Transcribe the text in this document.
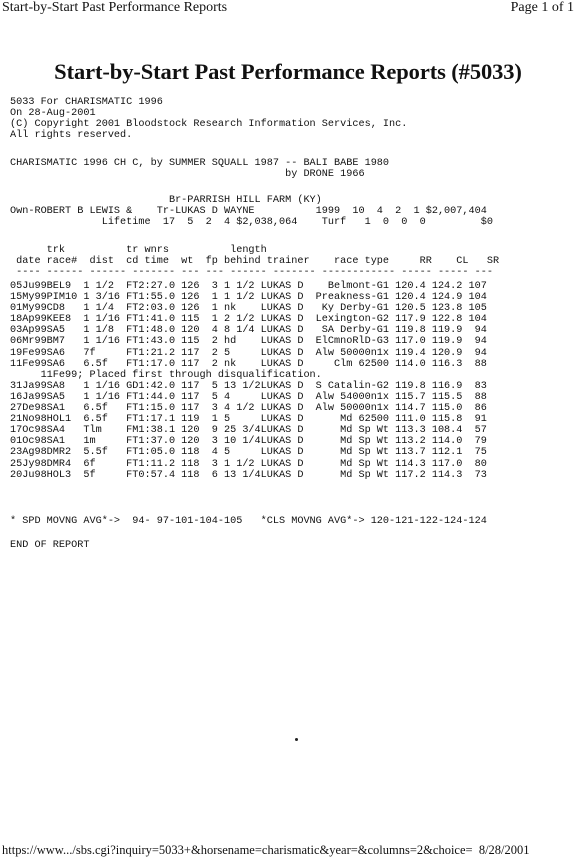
Start-by-Start Past Performance Reports	Page 1 of 1
Start-by-Start Past Performance Reports (#5033)
5033 For CHARISMATIC 1996
On 28-Aug-2001
(C) Copyright 2001 Bloodstock Research Information Services, Inc.
All rights reserved.
CHARISMATIC 1996 CH C, by SUMMER SQUALL 1987 -- BALI BABE 1980
by DRONE 1966
Br-PARRISH HILL FARM (KY)
Own-ROBERT B LEWIS &    Tr-LUKAS D WAYNE          1999  10  4  2  1 $2,007,404
Lifetime  17  5  2  4 $2,038,064    Turf   1  0  0  0         $0
trk          tr wnrs          length
date race#  dist  cd time  wt  fp behind trainer    race type     RR    CL   SR
---- ------ ------ ------- --- --- ------ ------- ------------ ----- ----- ---
05Ju99BEL9  1 1/2  FT2:27.0 126  3 1 1/2 LUKAS D    Belmont-G1 120.4 124.2 107
15My99PIM10 1 3/16 FT1:55.0 126  1 1 1/2 LUKAS D  Preakness-G1 120.4 124.9 104
01My99CD8   1 1/4  FT2:03.0 126  1 nk    LUKAS D   Ky Derby-G1 120.5 123.8 105
18Ap99KEE8  1 1/16 FT1:41.0 115  1 2 1/2 LUKAS D  Lexington-G2 117.9 122.8 104
03Ap99SA5   1 1/8  FT1:48.0 120  4 8 1/4 LUKAS D   SA Derby-G1 119.8 119.9  94
06Mr99BM7   1 1/16 FT1:43.0 115  2 hd    LUKAS D  ElCmnoRlD-G3 117.0 119.9  94
19Fe99SA6   7f     FT1:21.2 117  2 5     LUKAS D  Alw 50000n1x 119.4 120.9  94
11Fe99SA6   6.5f   FT1:17.0 117  2 nk    LUKAS D     Clm 62500 114.0 116.3  88
11Fe99; Placed first through disqualification.
31Ja99SA8   1 1/16 GD1:42.0 117  5 13 1/2LUKAS D  S Catalin-G2 119.8 116.9  83
16Ja99SA5   1 1/16 FT1:44.0 117  5 4     LUKAS D  Alw 54000n1x 115.7 115.5  88
27De98SA1   6.5f   FT1:15.0 117  3 4 1/2 LUKAS D  Alw 50000n1x 114.7 115.0  86
21No98HOL1  6.5f   FT1:17.1 119  1 5     LUKAS D      Md 62500 111.0 115.8  91
17Oc98SA4   Tlm    FM1:38.1 120  9 25 3/4LUKAS D      Md Sp Wt 113.3 108.4  57
01Oc98SA1   1m     FT1:37.0 120  3 10 1/4LUKAS D      Md Sp Wt 113.2 114.0  79
23Ag98DMR2  5.5f   FT1:05.0 118  4 5     LUKAS D      Md Sp Wt 113.7 112.1  75
25Jy98DMR4  6f     FT1:11.2 118  3 1 1/2 LUKAS D      Md Sp Wt 114.3 117.0  80
20Ju98HOL3  5f     FT0:57.4 118  6 13 1/4LUKAS D      Md Sp Wt 117.2 114.3  73
* SPD MOVNG AVG*->  94- 97-101-104-105   *CLS MOVNG AVG*-> 120-121-122-124-124
END OF REPORT
https://www.../sbs.cgi?inquiry=5033+&horsename=charismatic&year=&columns=2&choice= 8/28/2001
